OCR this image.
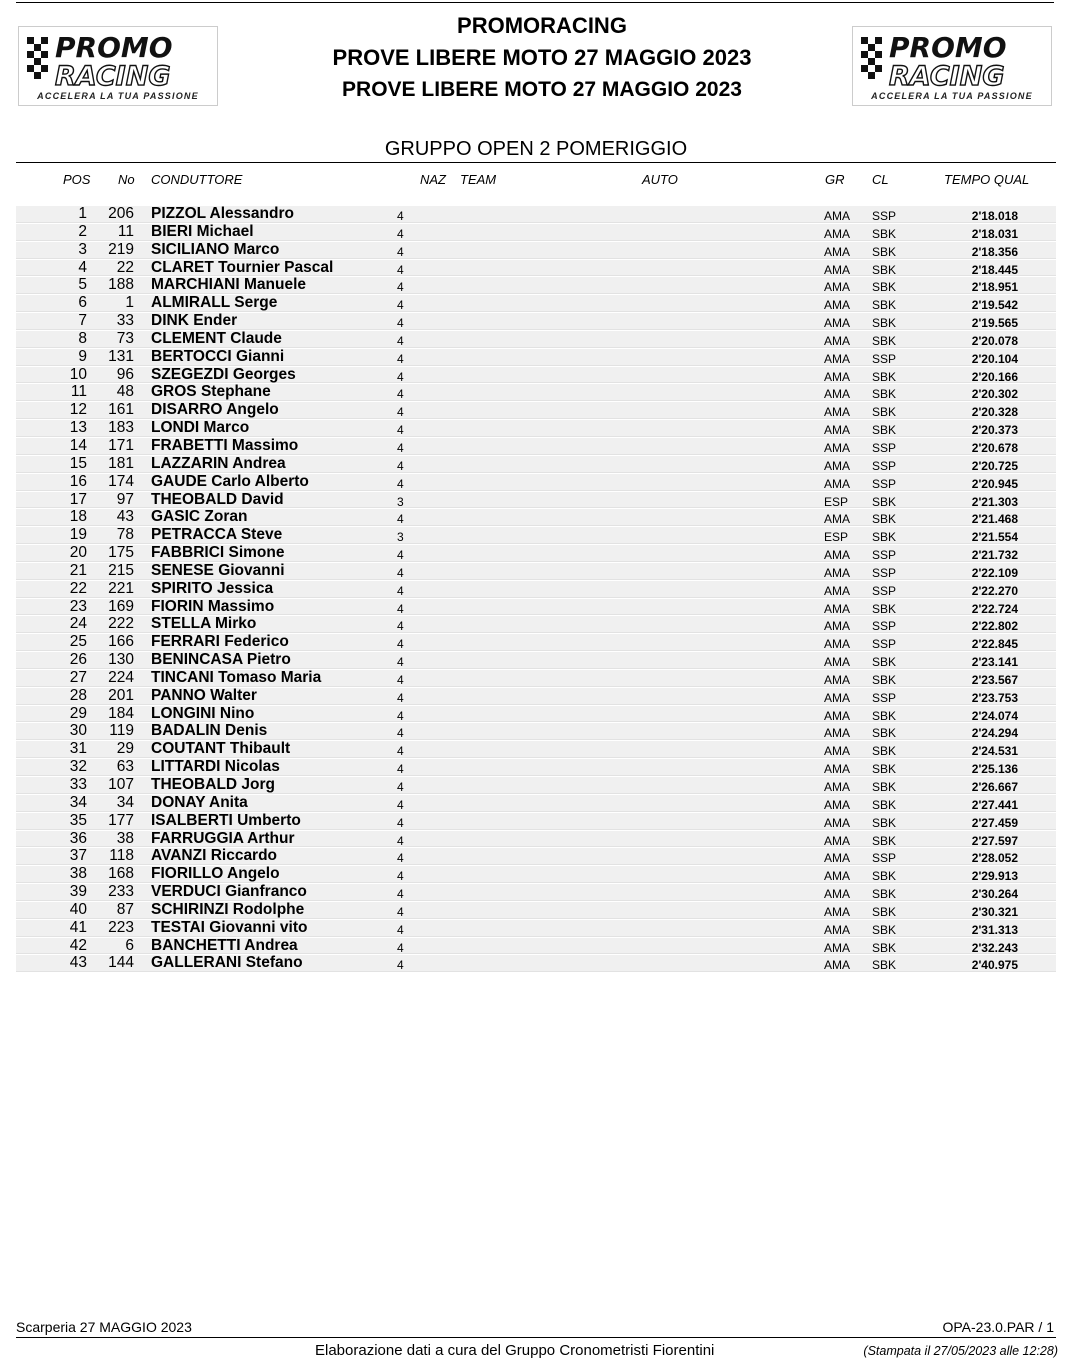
PROMO
RACING
ACCELERA LA TUA PASSIONE
PROMO
RACING
ACCELERA LA TUA PASSIONE
PROMORACING
PROVE LIBERE MOTO 27 MAGGIO 2023
PROVE LIBERE MOTO 27 MAGGIO 2023
GRUPPO OPEN 2 POMERIGGIO
POS No CONDUTTORE	NAZ TEAM	AUTO	GR CL	TEMPO QUAL
1 206 PIZZOL Alessandro	4	AMA SSP	2'18.018
2 11 BIERI Michael	4	AMA SBK	2'18.031
3 219 SICILIANO Marco	4	AMA SBK	2'18.356
4 22 CLARET Tournier Pascal	4	AMA SBK	2'18.445
5 188 MARCHIANI Manuele	4	AMA SBK	2'18.951
6 1 ALMIRALL Serge	4	AMA SBK	2'19.542
7 33 DINK Ender	4	AMA SBK	2'19.565
8 73 CLEMENT Claude	4	AMA SBK	2'20.078
9 131 BERTOCCI Gianni	4	AMA SSP	2'20.104
10 96 SZEGEZDI Georges	4	AMA SBK	2'20.166
11 48 GROS Stephane	4	AMA SBK	2'20.302
12 161 DISARRO Angelo	4	AMA SBK	2'20.328
13 183 LONDI Marco	4	AMA SBK	2'20.373
14 171 FRABETTI Massimo	4	AMA SSP	2'20.678
15 181 LAZZARIN Andrea	4	AMA SSP	2'20.725
16 174 GAUDE Carlo Alberto	4	AMA SSP	2'20.945
17 97 THEOBALD David	3	ESP SBK	2'21.303
18 43 GASIC Zoran	4	AMA SBK	2'21.468
19 78 PETRACCA Steve	3	ESP SBK	2'21.554
20 175 FABBRICI Simone	4	AMA SSP	2'21.732
21 215 SENESE Giovanni	4	AMA SSP	2'22.109
22 221 SPIRITO Jessica	4	AMA SSP	2'22.270
23 169 FIORIN Massimo	4	AMA SBK	2'22.724
24 222 STELLA Mirko	4	AMA SSP	2'22.802
25 166 FERRARI Federico	4	AMA SSP	2'22.845
26 130 BENINCASA Pietro	4	AMA SBK	2'23.141
27 224 TINCANI Tomaso Maria	4	AMA SBK	2'23.567
28 201 PANNO Walter	4	AMA SSP	2'23.753
29 184 LONGINI Nino	4	AMA SBK	2'24.074
30 119 BADALIN Denis	4	AMA SBK	2'24.294
31 29 COUTANT Thibault	4	AMA SBK	2'24.531
32 63 LITTARDI Nicolas	4	AMA SBK	2'25.136
33 107 THEOBALD Jorg	4	AMA SBK	2'26.667
34 34 DONAY Anita	4	AMA SBK	2'27.441
35 177 ISALBERTI Umberto	4	AMA SBK	2'27.459
36 38 FARRUGGIA Arthur	4	AMA SBK	2'27.597
37 118 AVANZI Riccardo	4	AMA SSP	2'28.052
38 168 FIORILLO Angelo	4	AMA SBK	2'29.913
39 233 VERDUCI Gianfranco	4	AMA SBK	2'30.264
40 87 SCHIRINZI Rodolphe	4	AMA SBK	2'30.321
41 223 TESTAI Giovanni vito	4	AMA SBK	2'31.313
42 6 BANCHETTI Andrea	4	AMA SBK	2'32.243
43 144 GALLERANI Stefano	4	AMA SBK	2'40.975
Scarperia 27 MAGGIO 2023	OPA-23.0.PAR / 1
Elaborazione dati a cura del Gruppo Cronometristi Fiorentini	(Stampata il 27/05/2023 alle 12:28)
